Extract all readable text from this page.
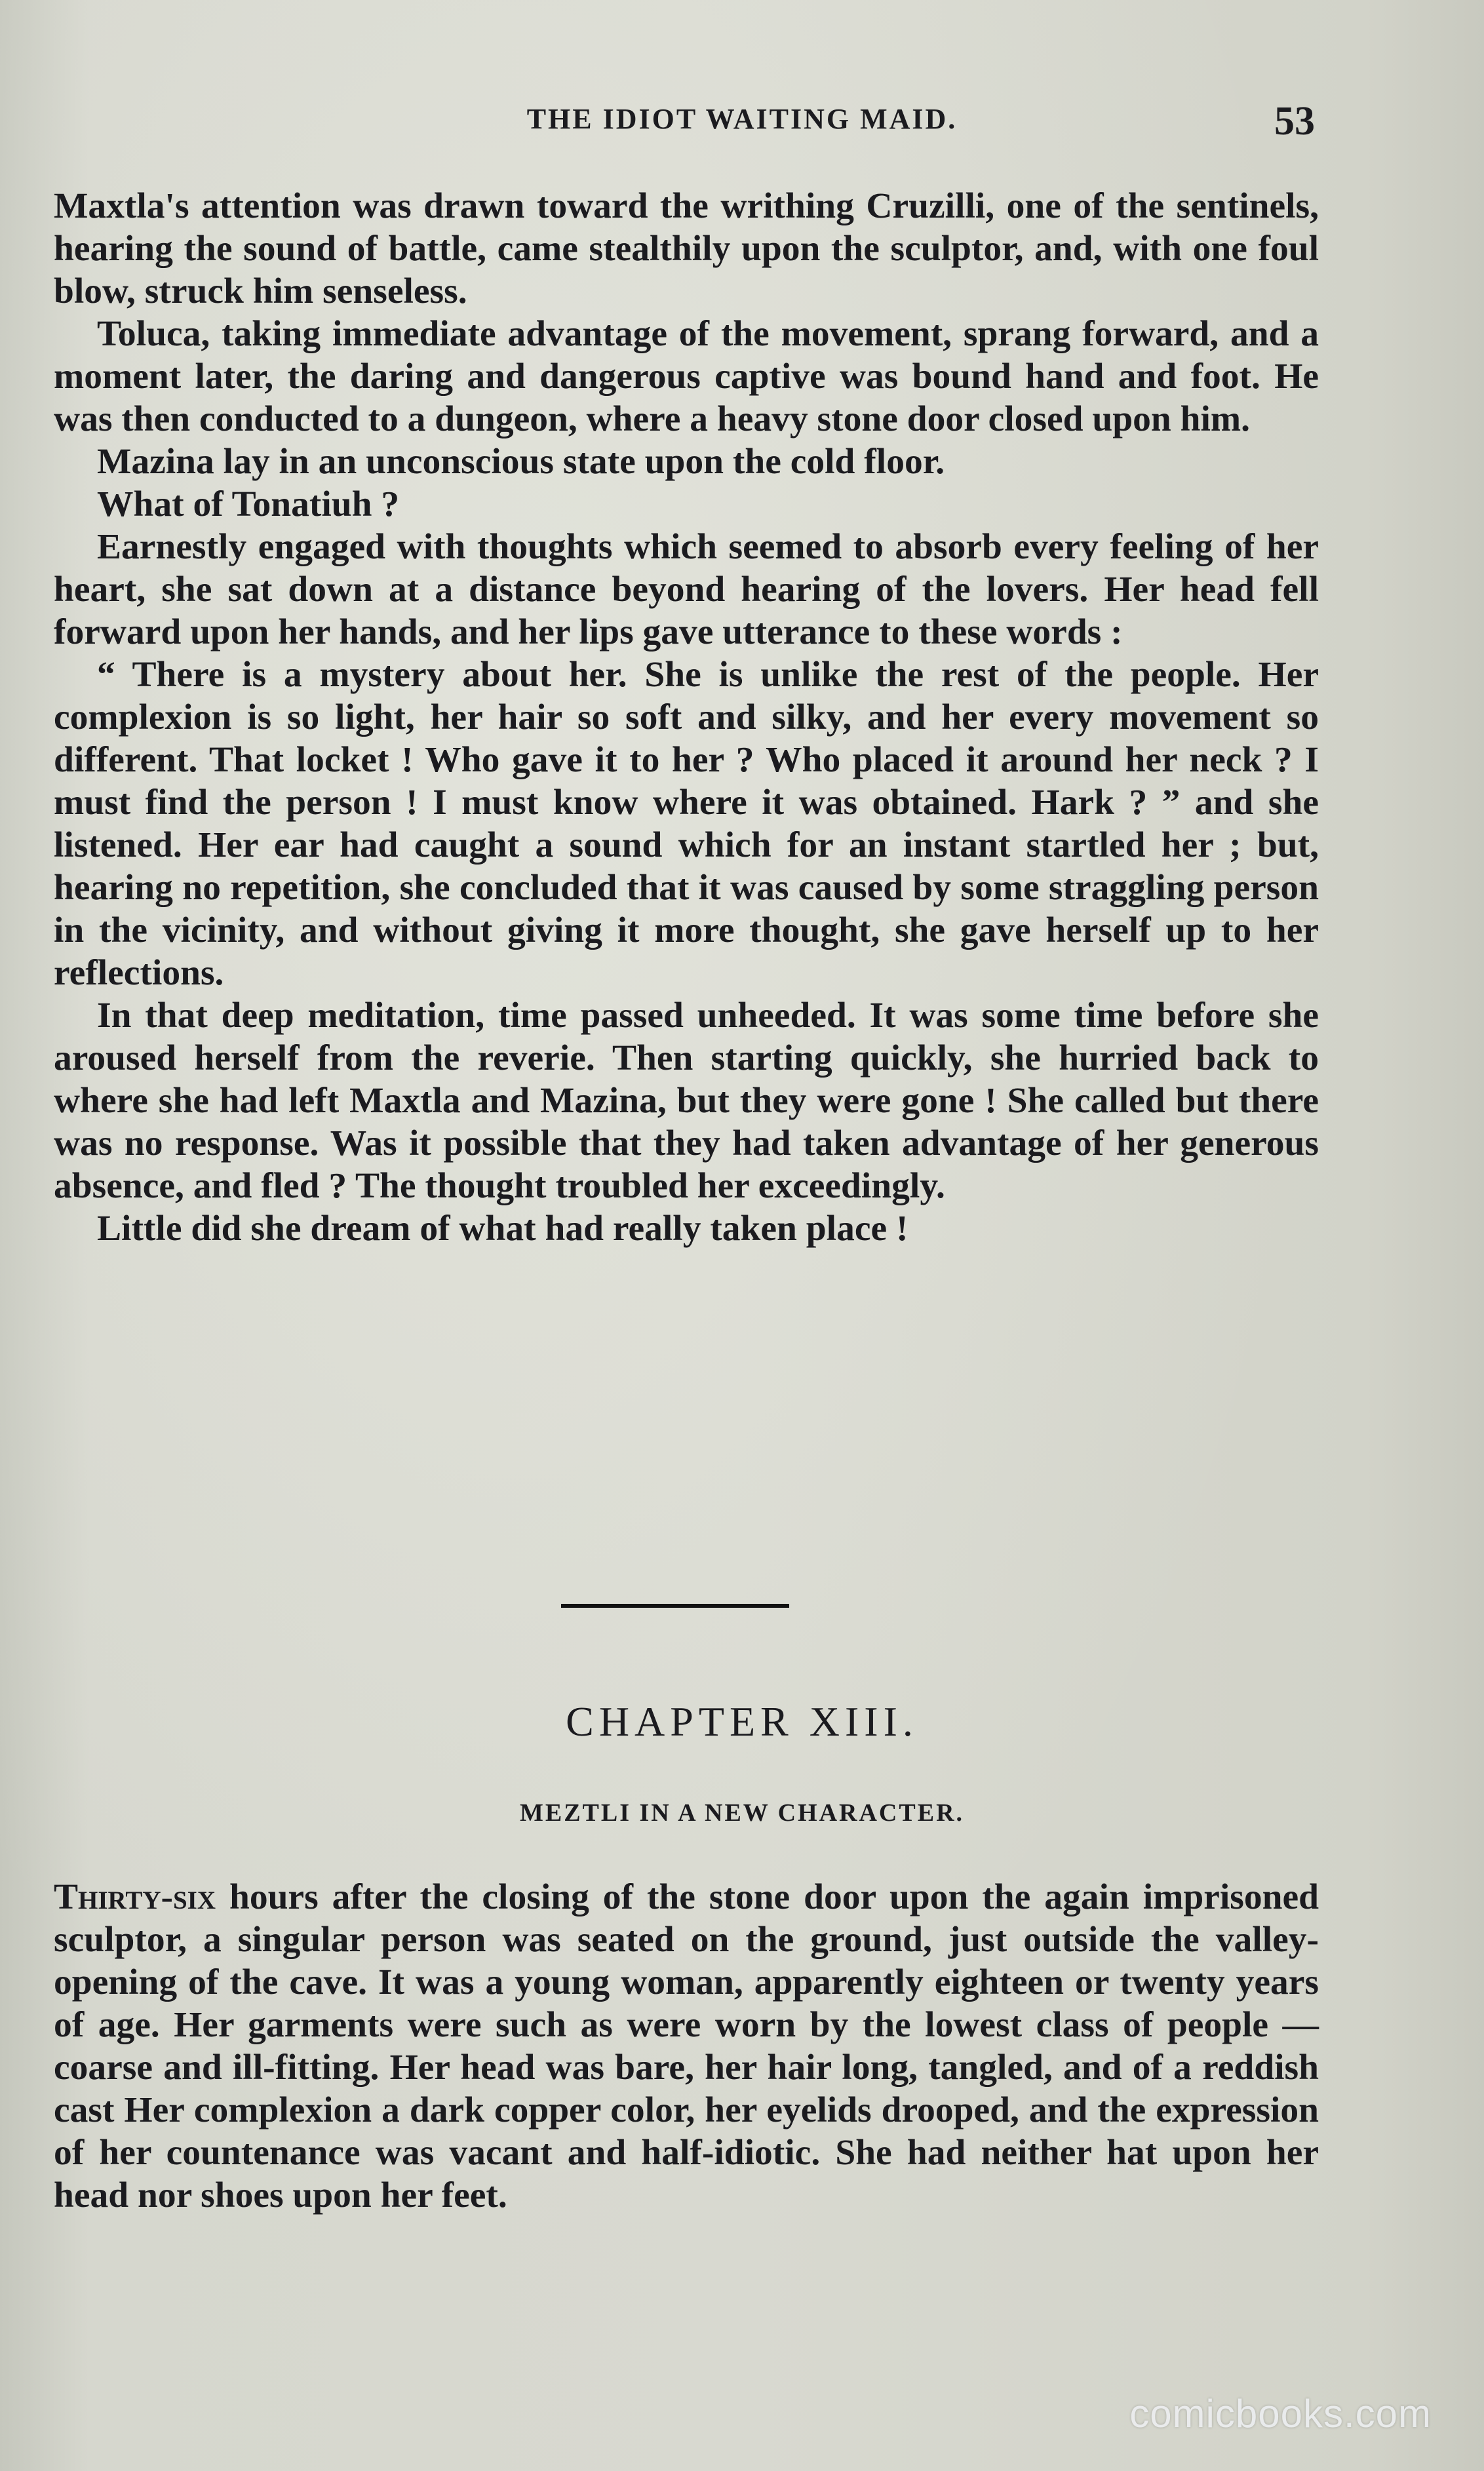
THE IDIOT WAITING MAID.	53

Maxtla's attention was drawn toward the writhing Cruzilli, one of the sentinels, hearing the sound of battle, came stealthily upon the sculptor, and, with one foul blow, struck him senseless.

Toluca, taking immediate advantage of the movement, sprang forward, and a moment later, the daring and dangerous captive was bound hand and foot. He was then conducted to a dungeon, where a heavy stone door closed upon him.

Mazina lay in an unconscious state upon the cold floor.

What of Tonatiuh ?

Earnestly engaged with thoughts which seemed to absorb every feeling of her heart, she sat down at a distance beyond hearing of the lovers. Her head fell forward upon her hands, and her lips gave utterance to these words :

“ There is a mystery about her. She is unlike the rest of the people. Her complexion is so light, her hair so soft and silky, and her every movement so different. That locket ! Who gave it to her ? Who placed it around her neck ? I must find the person ! I must know where it was obtained. Hark ? ” and she listened. Her ear had caught a sound which for an instant startled her ; but, hearing no repetition, she concluded that it was caused by some straggling person in the vicinity, and without giving it more thought, she gave herself up to her reflections.

In that deep meditation, time passed unheeded. It was some time before she aroused herself from the reverie. Then starting quickly, she hurried back to where she had left Maxtla and Mazina, but they were gone ! She called but there was no response. Was it possible that they had taken advantage of her generous absence, and fled ? The thought troubled her exceedingly.

Little did she dream of what had really taken place !

CHAPTER XIII.
MEZTLI IN A NEW CHARACTER.

Thirty-six hours after the closing of the stone door upon the again imprisoned sculptor, a singular person was seated on the ground, just outside the valley-opening of the cave. It was a young woman, apparently eighteen or twenty years of age. Her garments were such as were worn by the lowest class of people — coarse and ill-fitting. Her head was bare, her hair long, tangled, and of a reddish cast Her complexion a dark copper color, her eyelids drooped, and the expression of her countenance was vacant and half-idiotic. She had neither hat upon her head nor shoes upon her feet.

comicbooks.com
